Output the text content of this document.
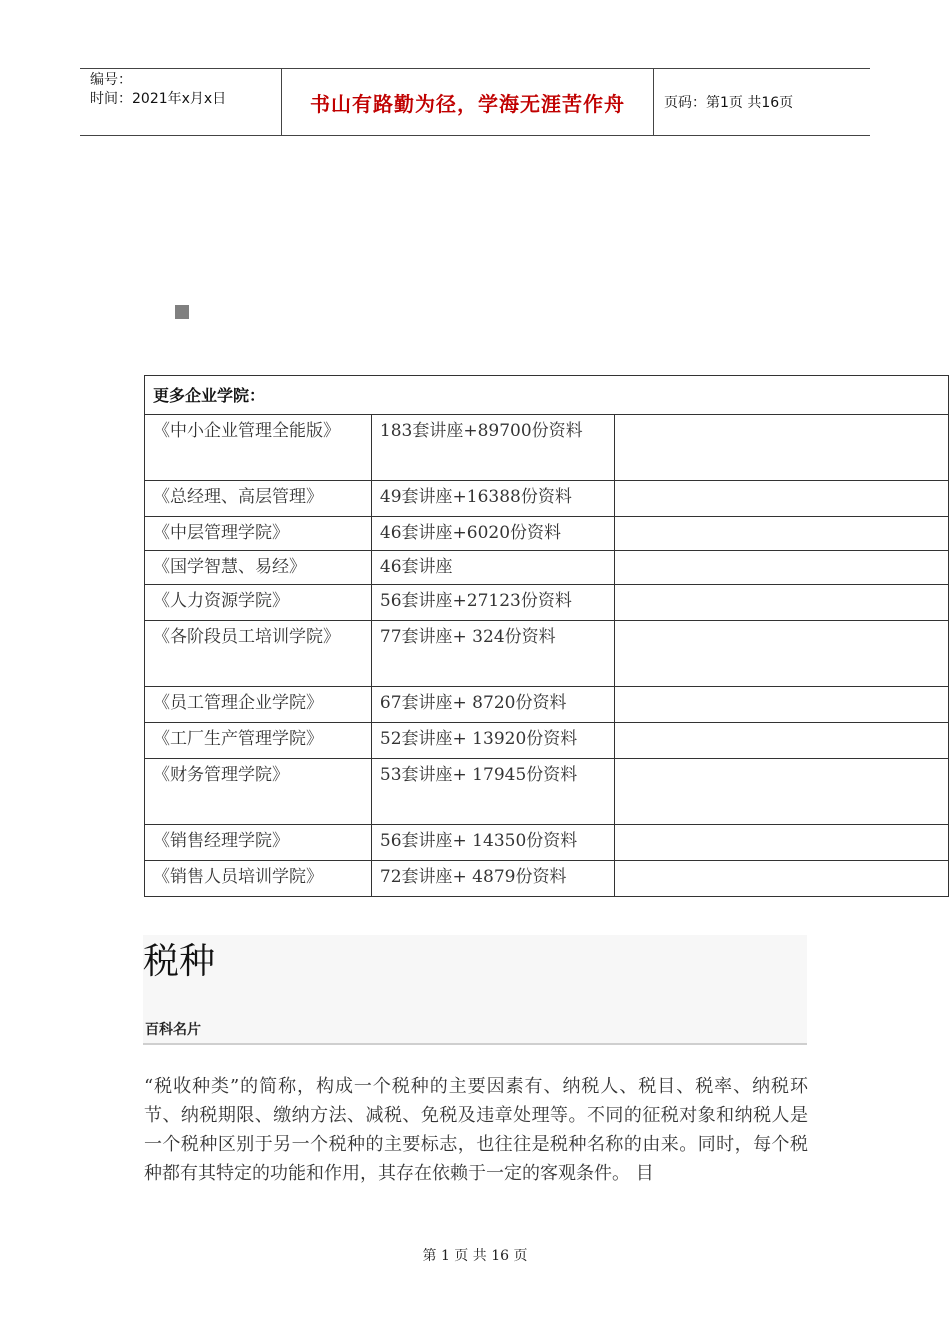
编号：
时间：2021年x月x日	书山有路勤为径，学海无涯苦作舟	页码：第1页 共16页
更多企业学院：		

《中小企业管理全能版》	183套讲座+89700份资料	
《总经理、高层管理》	49套讲座+16388份资料	
《中层管理学院》	46套讲座+6020份资料	
《国学智慧、易经》	46套讲座	
《人力资源学院》	56套讲座+27123份资料	

《各阶段员工培训学院》	77套讲座+ 324份资料	
《员工管理企业学院》	67套讲座+ 8720份资料	
《工厂生产管理学院》	52套讲座+ 13920份资料	
《财务管理学院》	53套讲座+ 17945份资料	

《销售经理学院》	56套讲座+ 14350份资料	
《销售人员培训学院》	72套讲座+ 4879份资料	
税种
百科名片
“税收种类”的简称，构成一个税种的主要因素有、纳税人、税目、税率、纳税环节、纳税期限、缴纳方法、减税、免税及违章处理等。不同的征税对象和纳税人是一个税种区别于另一个税种的主要标志，也往往是税种名称的由来。同时，每个税种都有其特定的功能和作用，其存在依赖于一定的客观条件。 目
第 1 页 共 16 页
